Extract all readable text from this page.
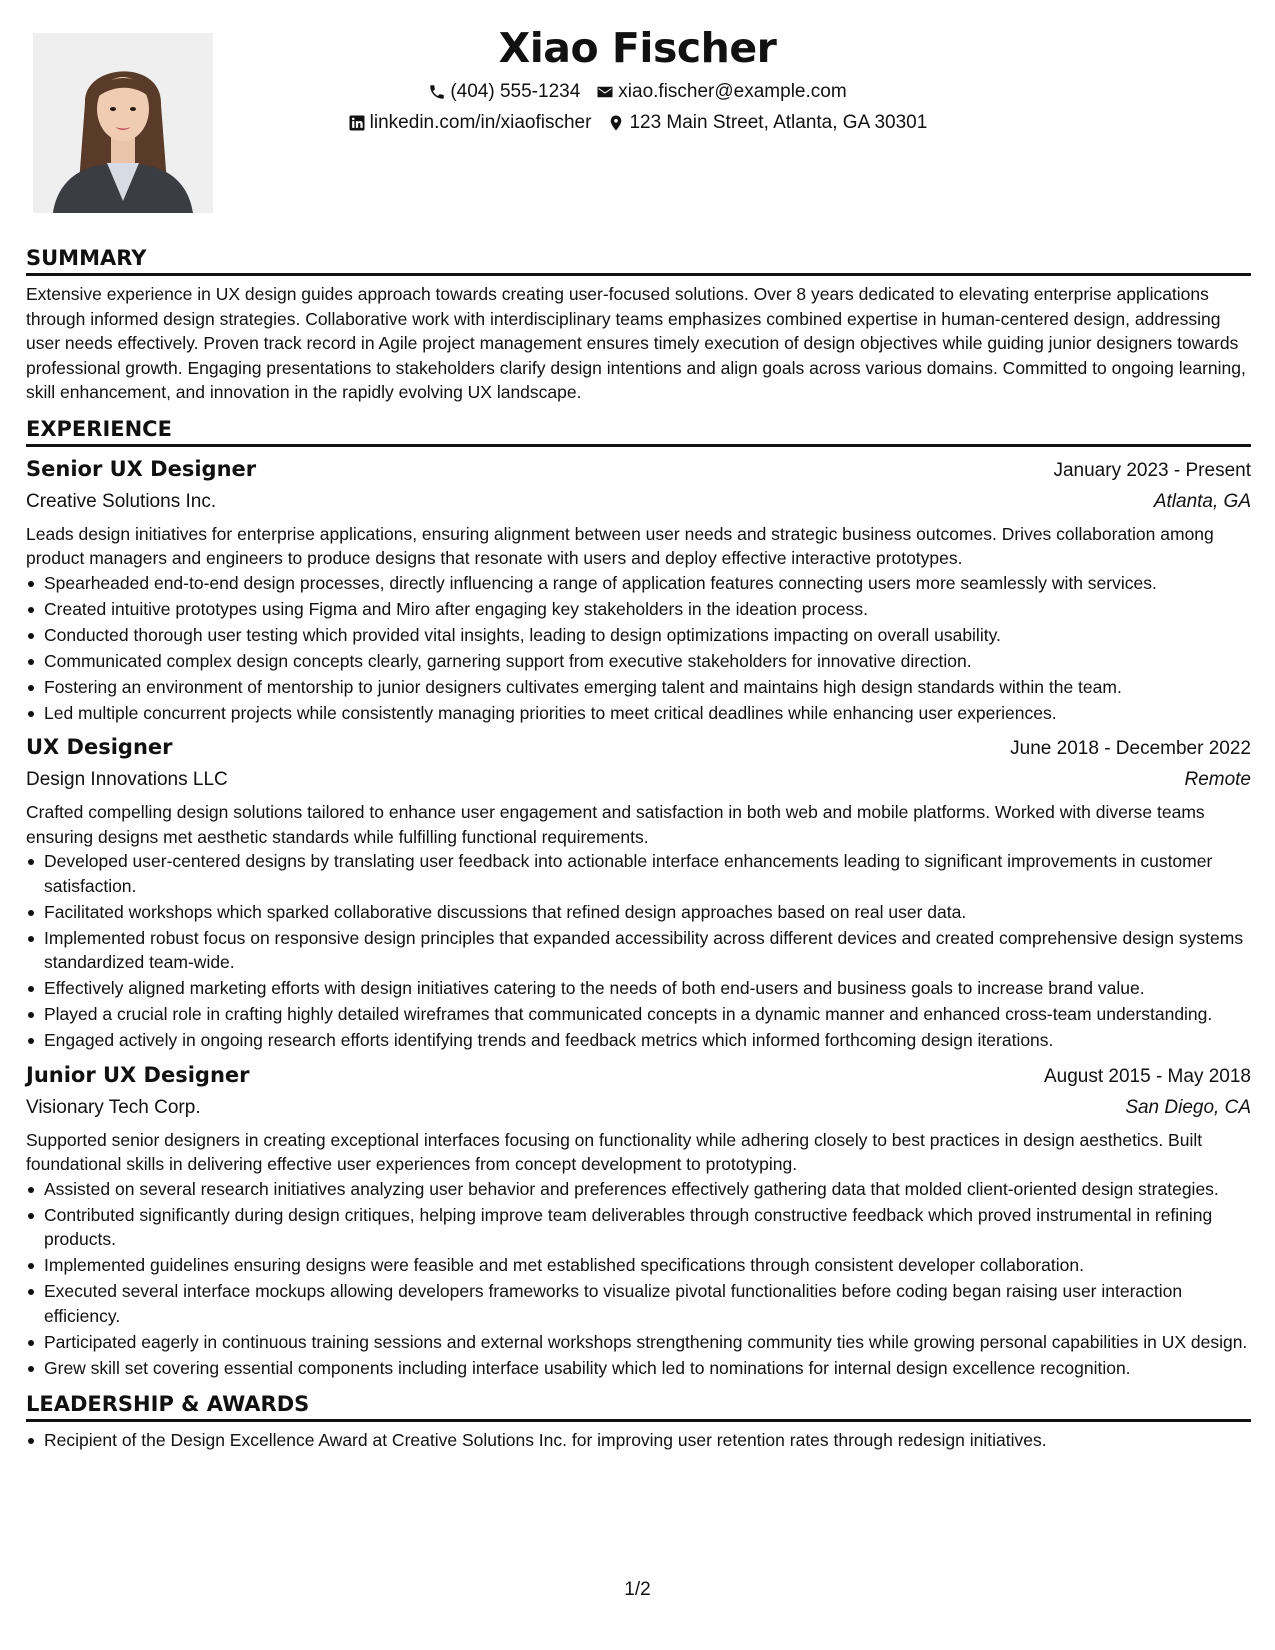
Xiao Fischer
(404) 555-1234 xiao.fischer@example.com
linkedin.com/in/xiaofischer 123 Main Street, Atlanta, GA 30301
SUMMARY

Extensive experience in UX design guides approach towards creating user-focused solutions. Over 8 years dedicated to elevating enterprise applications through informed design strategies. Collaborative work with interdisciplinary teams emphasizes combined expertise in human-centered design, addressing user needs effectively. Proven track record in Agile project management ensures timely execution of design objectives while guiding junior designers towards professional growth. Engaging presentations to stakeholders clarify design intentions and align goals across various domains. Committed to ongoing learning, skill enhancement, and innovation in the rapidly evolving UX landscape.

EXPERIENCE
Senior UX Designer	January 2023 - Present
Creative Solutions Inc.	Atlanta, GA

Leads design initiatives for enterprise applications, ensuring alignment between user needs and strategic business outcomes. Drives collaboration among product managers and engineers to produce designs that resonate with users and deploy effective interactive prototypes.

Spearheaded end-to-end design processes, directly influencing a range of application features connecting users more seamlessly with services.
Created intuitive prototypes using Figma and Miro after engaging key stakeholders in the ideation process.
Conducted thorough user testing which provided vital insights, leading to design optimizations impacting on overall usability.
Communicated complex design concepts clearly, garnering support from executive stakeholders for innovative direction.
Fostering an environment of mentorship to junior designers cultivates emerging talent and maintains high design standards within the team.
Led multiple concurrent projects while consistently managing priorities to meet critical deadlines while enhancing user experiences.
UX Designer	June 2018 - December 2022
Design Innovations LLC	Remote

Crafted compelling design solutions tailored to enhance user engagement and satisfaction in both web and mobile platforms. Worked with diverse teams ensuring designs met aesthetic standards while fulfilling functional requirements.

Developed user-centered designs by translating user feedback into actionable interface enhancements leading to significant improvements in customer satisfaction.
Facilitated workshops which sparked collaborative discussions that refined design approaches based on real user data.
Implemented robust focus on responsive design principles that expanded accessibility across different devices and created comprehensive design systems standardized team-wide.
Effectively aligned marketing efforts with design initiatives catering to the needs of both end-users and business goals to increase brand value.
Played a crucial role in crafting highly detailed wireframes that communicated concepts in a dynamic manner and enhanced cross-team understanding.
Engaged actively in ongoing research efforts identifying trends and feedback metrics which informed forthcoming design iterations.
Junior UX Designer	August 2015 - May 2018
Visionary Tech Corp.	San Diego, CA

Supported senior designers in creating exceptional interfaces focusing on functionality while adhering closely to best practices in design aesthetics. Built foundational skills in delivering effective user experiences from concept development to prototyping.

Assisted on several research initiatives analyzing user behavior and preferences effectively gathering data that molded client-oriented design strategies.
Contributed significantly during design critiques, helping improve team deliverables through constructive feedback which proved instrumental in refining products.
Implemented guidelines ensuring designs were feasible and met established specifications through consistent developer collaboration.
Executed several interface mockups allowing developers frameworks to visualize pivotal functionalities before coding began raising user interaction efficiency.
Participated eagerly in continuous training sessions and external workshops strengthening community ties while growing personal capabilities in UX design.
Grew skill set covering essential components including interface usability which led to nominations for internal design excellence recognition.
LEADERSHIP & AWARDS
Recipient of the Design Excellence Award at Creative Solutions Inc. for improving user retention rates through redesign initiatives.
1/2
